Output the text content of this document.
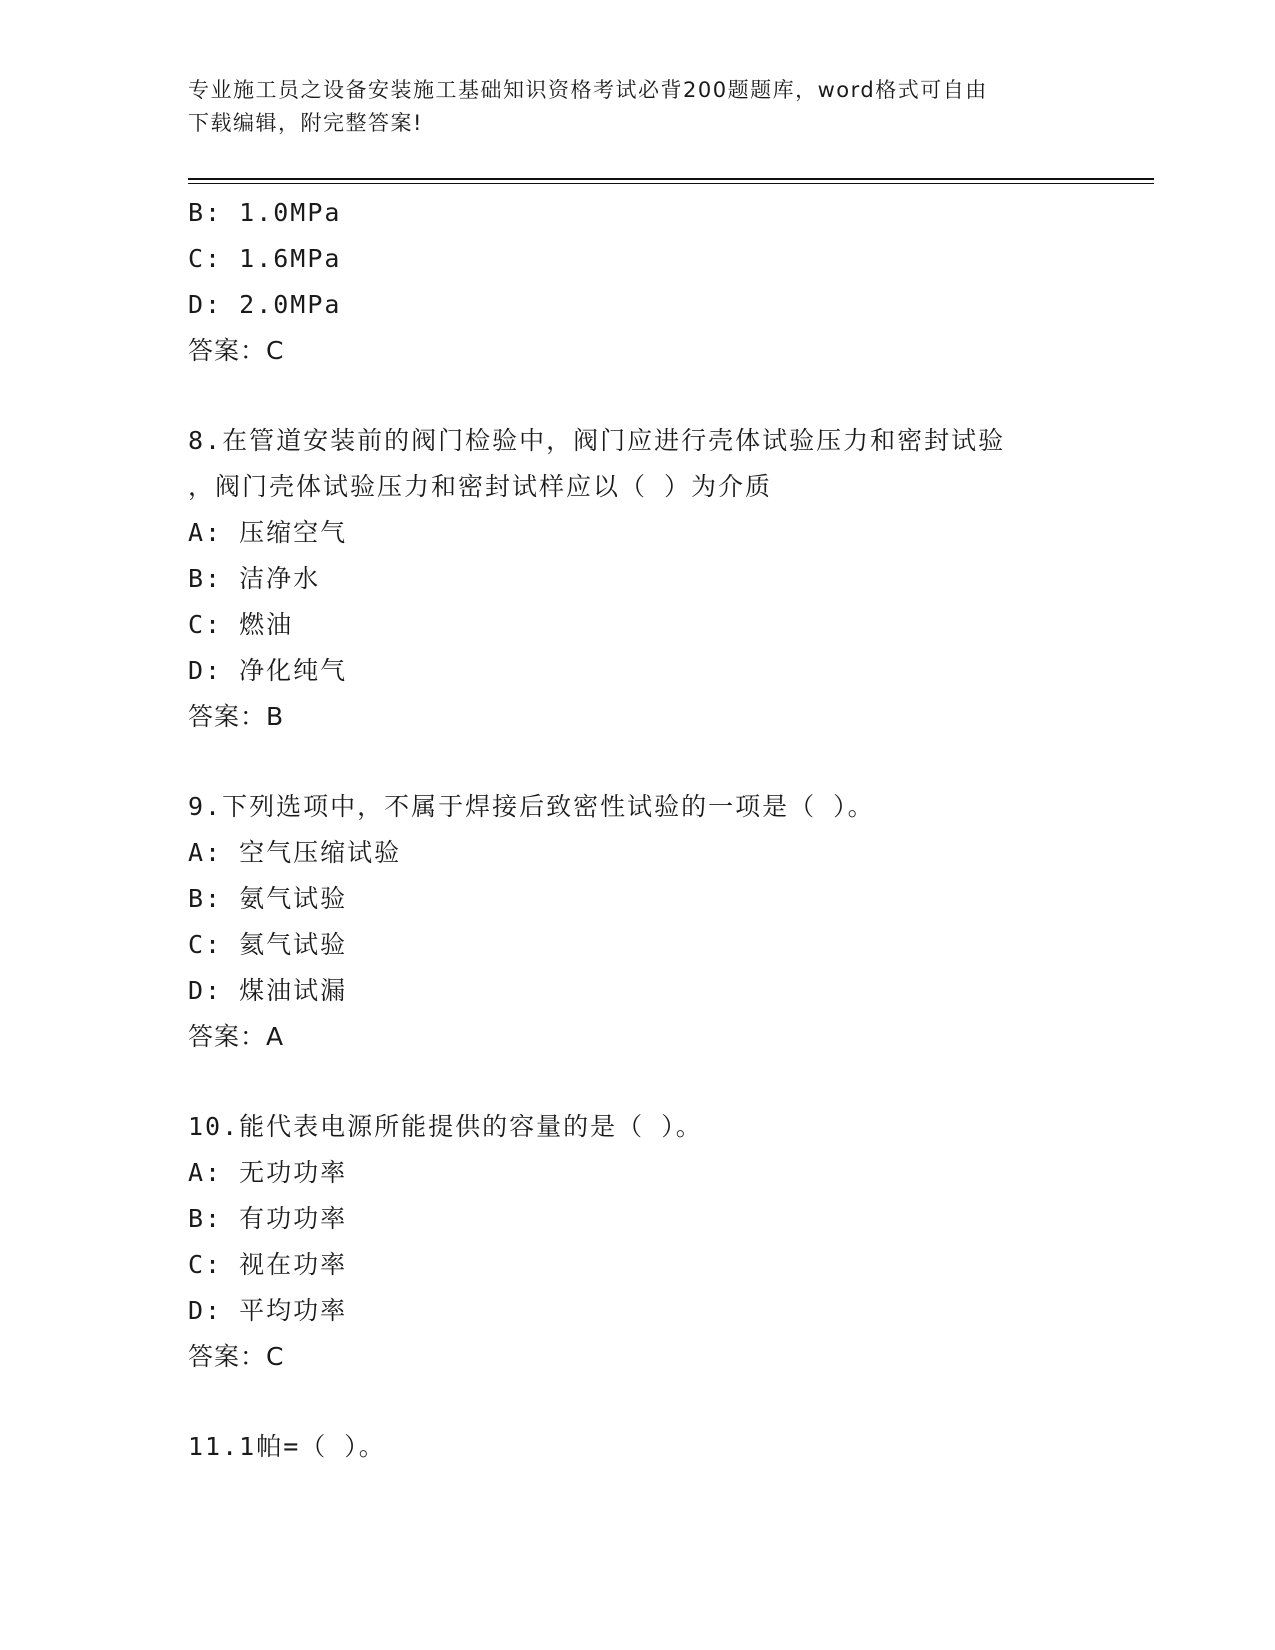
专业施工员之设备安装施工基础知识资格考试必背200题题库，word格式可自由
下载编辑，附完整答案!
B: 1.0MPa
C: 1.6MPa
D: 2.0MPa
答案：C
8.在管道安装前的阀门检验中，阀门应进行壳体试验压力和密封试验
，阀门壳体试验压力和密封试样应以（ ）为介质
A: 压缩空气
B: 洁净水
C: 燃油
D: 净化纯气
答案：B
9.下列选项中，不属于焊接后致密性试验的一项是（ ）。
A: 空气压缩试验
B: 氨气试验
C: 氦气试验
D: 煤油试漏
答案：A
10.能代表电源所能提供的容量的是（ ）。
A: 无功功率
B: 有功功率
C: 视在功率
D: 平均功率
答案：C
11.1帕=（ ）。
